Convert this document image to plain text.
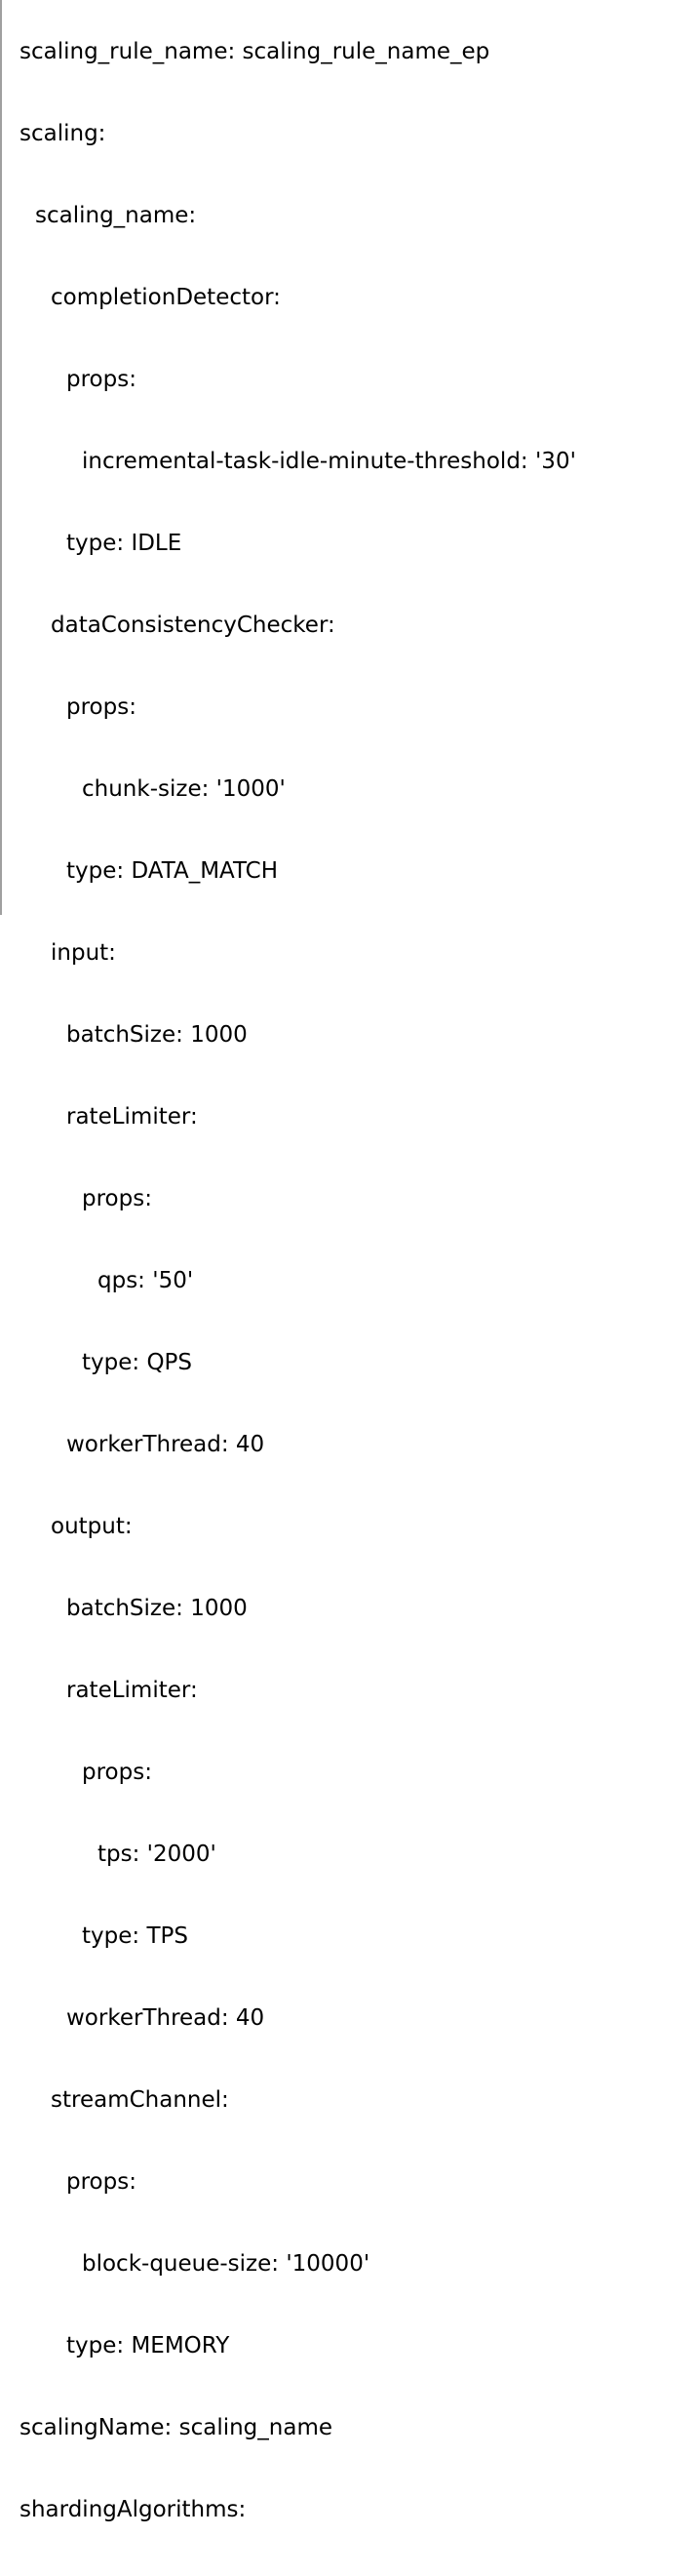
scaling_rule_name: scaling_rule_name_ep

scaling:

scaling_name:

completionDetector:

props:

incremental-task-idle-minute-threshold: '30'

type: IDLE

dataConsistencyChecker:

props:

chunk-size: '1000'

type: DATA_MATCH

input:

batchSize: 1000

rateLimiter:

props:

qps: '50'

type: QPS

workerThread: 40

output:

batchSize: 1000

rateLimiter:

props:

tps: '2000'

type: TPS

workerThread: 40

streamChannel:

props:

block-queue-size: '10000'

type: MEMORY

scalingName: scaling_name

shardingAlgorithms:
